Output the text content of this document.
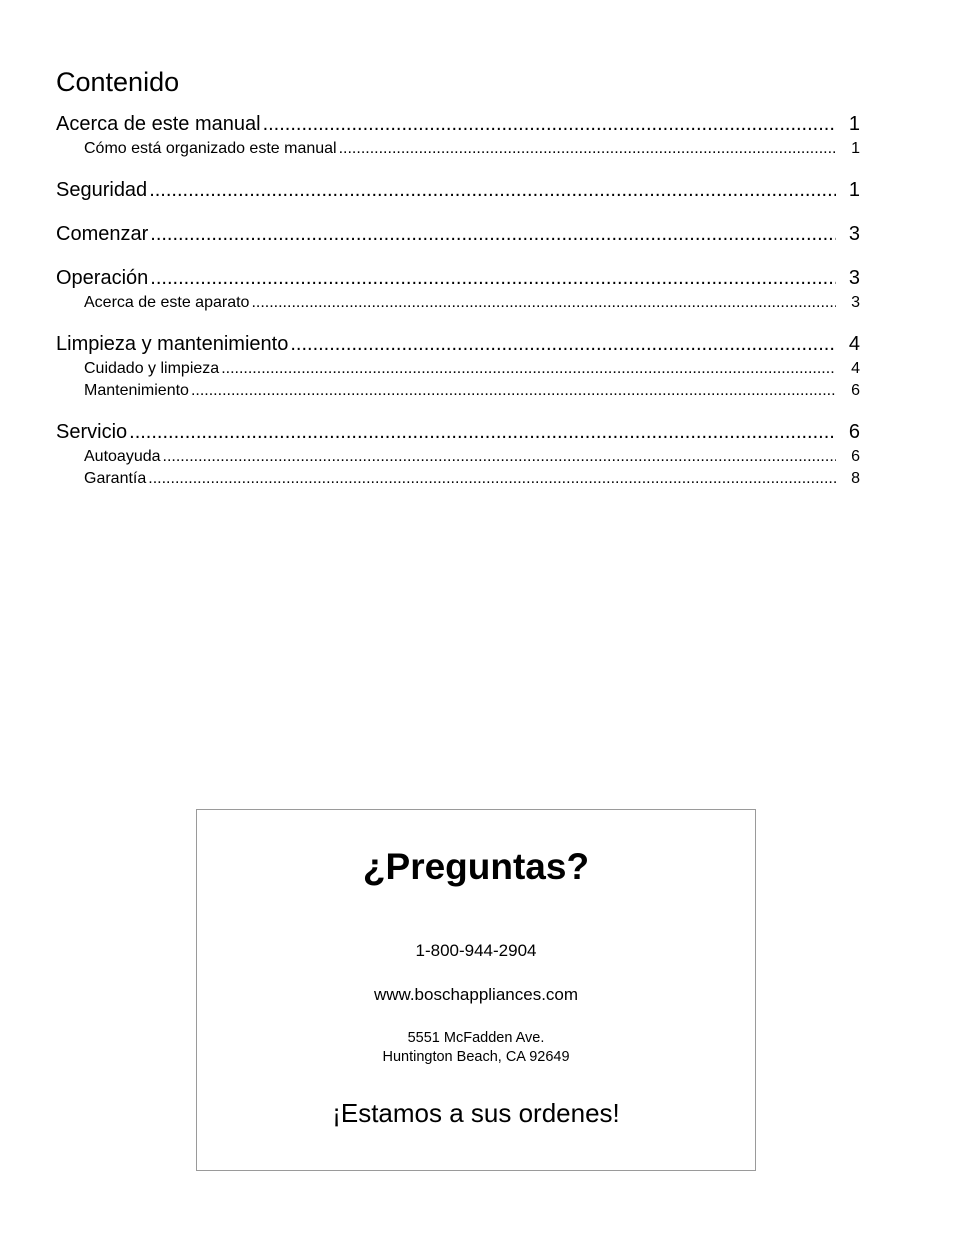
Contenido
Acerca de este manual .....	1
Cómo está organizado este manual .....	1
Seguridad .....	1
Comenzar .....	3
Operación .....	3
Acerca de este aparato .....	3
Limpieza y mantenimiento .....	4
Cuidado y limpieza .....	4
Mantenimiento .....	6
Servicio .....	6
Autoayuda .....	6
Garantía .....	8
¿Preguntas?
1-800-944-2904
www.boschappliances.com
5551 McFadden Ave.
Huntington Beach, CA 92649
¡Estamos a sus ordenes!
